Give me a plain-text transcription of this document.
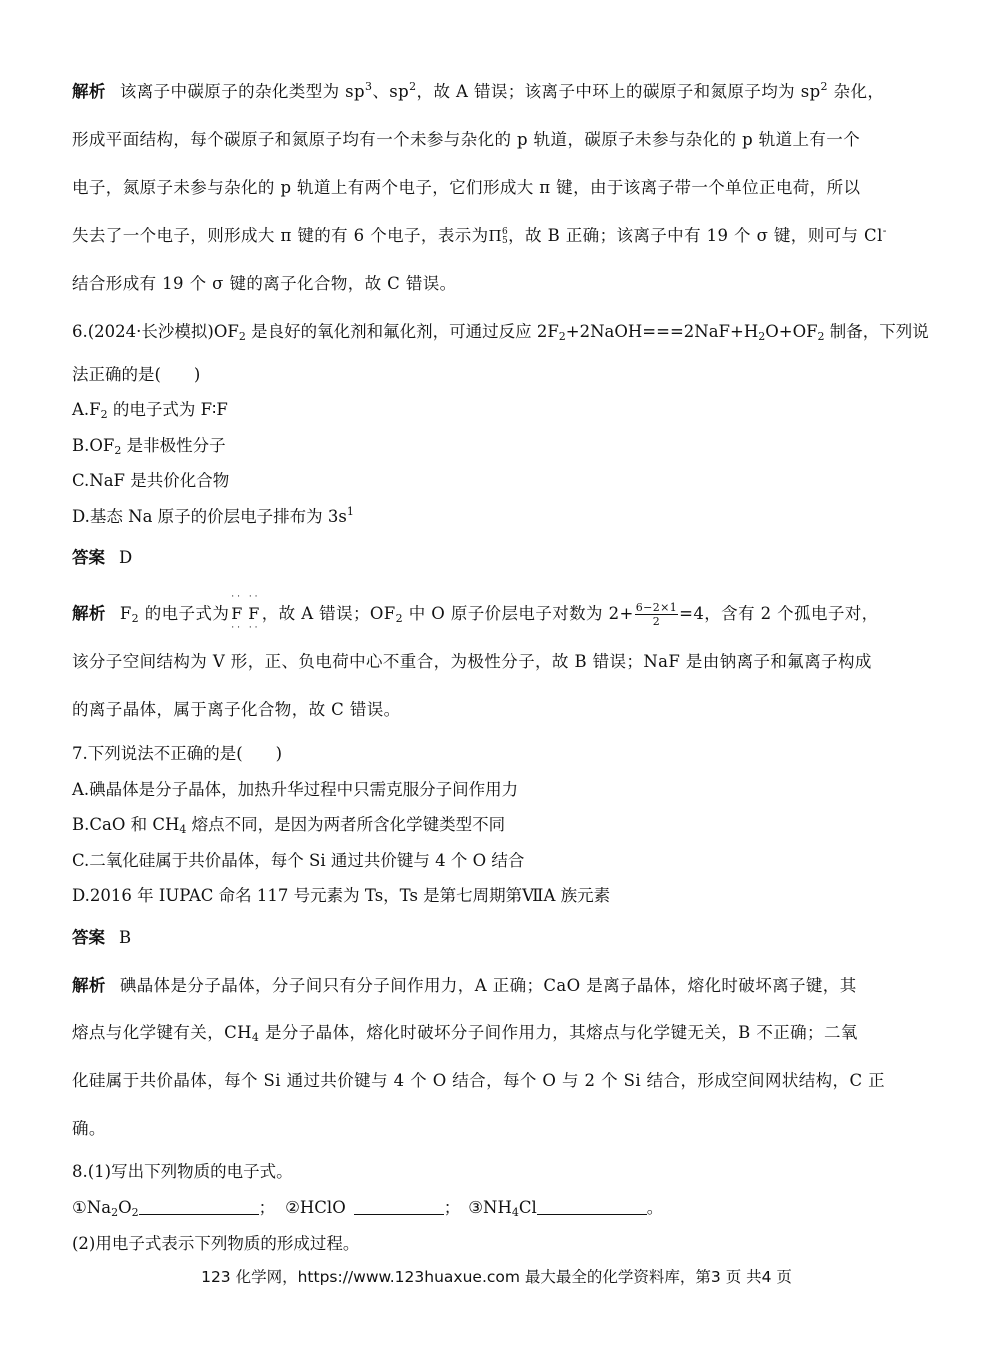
解析 该离子中碳原子的杂化类型为 $sp^3$、$sp^2$，故 A 错误；该离子中环上的碳原子和氮原子均为 $sp^2$ 杂化，
形成平面结构，每个碳原子和氮原子均有一个未参与杂化的 p 轨道，碳原子未参与杂化的 p 轨道上有一个
电子，氮原子未参与杂化的 p 轨道上有两个电子，它们形成大 π 键，由于该离子带一个单位正电荷，所以
失去了一个电子，则形成大 π 键的有 6 个电子，表示为Π 6
5 ，故 B 正确；该离子中有 19 个 σ 键，则可与 Cl-
结合形成有 19 个 σ 键的离子化合物，故 C 错误。
6.(2024·长沙模拟)$OF_2$ 是良好的氧化剂和氟化剂，可通过反应 $2F_2+2NaOH===2NaF+H_2O+OF_2$ 制备，下列说
法正确的是(　　)
$A.F_2$ 的电子式为 F∶F
$B.OF_2$ 是非极性分子
C.NaF 是共价化合物
D.基态 Na 原子的价层电子排布为 $3s^1$
答案 D
解析 $F_2$ 的电子式为
·· ··
F F
·· ··
，故 A 错误；$OF_2$ 中 O 原子价层电子对数为 $2+ \frac{6-2\times 1}{2} =4$，含有 2 个孤电子对，
该分子空间结构为 V 形，正、负电荷中心不重合，为极性分子，故 B 错误；NaF 是由钠离子和氟离子构成
的离子晶体，属于离子化合物，故 C 错误。
7.下列说法不正确的是(　　)
A.碘晶体是分子晶体，加热升华过程中只需克服分子间作用力
B.CaO 和 $CH_4$ 熔点不同，是因为两者所含化学键类型不同
C.二氧化硅属于共价晶体，每个 Si 通过共价键与 4 个 O 结合
D.2016 年 IUPAC 命名 117 号元素为 Ts，Ts 是第七周期第ⅦA 族元素
答案 B
解析 碘晶体是分子晶体，分子间只有分子间作用力，A 正确；CaO 是离子晶体，熔化时破坏离子键，其
熔点与化学键有关，$CH_4$ 是分子晶体，熔化时破坏分子间作用力，其熔点与化学键无关，B 不正确；二氧
化硅属于共价晶体，每个 Si 通过共价键与 4 个 O 结合，每个 O 与 2 个 Si 结合，形成空间网状结构，C 正
确。
8.(1)写出下列物质的电子式。
$①Na_2O_2$	； ②HClO	； $③NH_4Cl$	。
(2)用电子式表示下列物质的形成过程。
123 化学网，https://www.123huaxue.com 最大最全的化学资料库，第3 页 共4 页
